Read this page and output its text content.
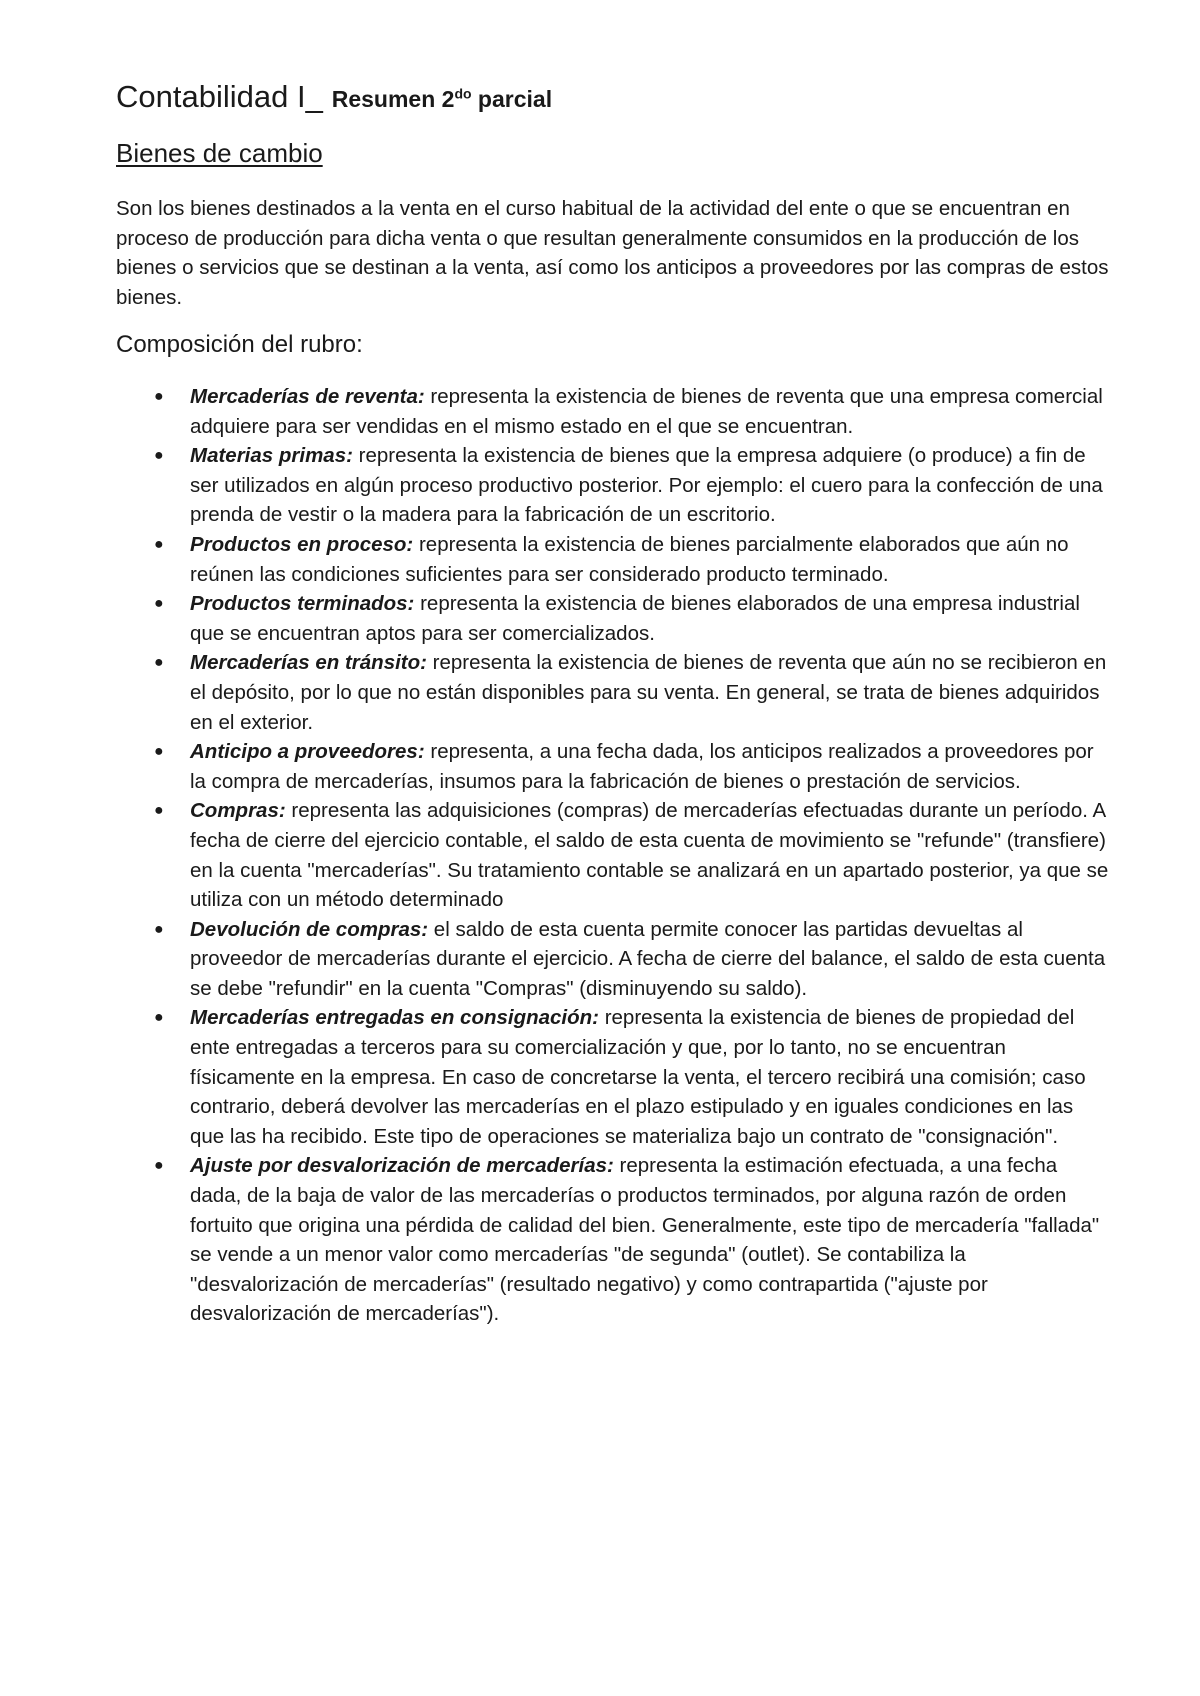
Contabilidad I_ Resumen $2^{do}$ parcial
Bienes de cambio

Son los bienes destinados a la venta en el curso habitual de la actividad del ente o que se encuentran en proceso de producción para dicha venta o que resultan generalmente consumidos en la producción de los bienes o servicios que se destinan a la venta, así como los anticipos a proveedores por las compras de estos bienes.

Composición del rubro:
● Mercaderías de reventa: representa la existencia de bienes de reventa que una empresa comercial adquiere para ser vendidas en el mismo estado en el que se encuentran.
● Materias primas: representa la existencia de bienes que la empresa adquiere (o produce) a fin de ser utilizados en algún proceso productivo posterior. Por ejemplo: el cuero para la confección de una prenda de vestir o la madera para la fabricación de un escritorio.
● Productos en proceso: representa la existencia de bienes parcialmente elaborados que aún no reúnen las condiciones suficientes para ser considerado producto terminado.
● Productos terminados: representa la existencia de bienes elaborados de una empresa industrial que se encuentran aptos para ser comercializados.
● Mercaderías en tránsito: representa la existencia de bienes de reventa que aún no se recibieron en el depósito, por lo que no están disponibles para su venta. En general, se trata de bienes adquiridos en el exterior.
● Anticipo a proveedores: representa, a una fecha dada, los anticipos realizados a proveedores por la compra de mercaderías, insumos para la fabricación de bienes o prestación de servicios.
● Compras: representa las adquisiciones (compras) de mercaderías efectuadas durante un período. A fecha de cierre del ejercicio contable, el saldo de esta cuenta de movimiento se "refunde" (transfiere) en la cuenta "mercaderías". Su tratamiento contable se analizará en un apartado posterior, ya que se utiliza con un método determinado
● Devolución de compras: el saldo de esta cuenta permite conocer las partidas devueltas al proveedor de mercaderías durante el ejercicio. A fecha de cierre del balance, el saldo de esta cuenta se debe "refundir" en la cuenta "Compras" (disminuyendo su saldo).
● Mercaderías entregadas en consignación: representa la existencia de bienes de propiedad del ente entregadas a terceros para su comercialización y que, por lo tanto, no se encuentran físicamente en la empresa. En caso de concretarse la venta, el tercero recibirá una comisión; caso contrario, deberá devolver las mercaderías en el plazo estipulado y en iguales condiciones en las que las ha recibido. Este tipo de operaciones se materializa bajo un contrato de "consignación".
● Ajuste por desvalorización de mercaderías: representa la estimación efectuada, a una fecha dada, de la baja de valor de las mercaderías o productos terminados, por alguna razón de orden fortuito que origina una pérdida de calidad del bien. Generalmente, este tipo de mercadería "fallada" se vende a un menor valor como mercaderías "de segunda" (outlet). Se contabiliza la "desvalorización de mercaderías" (resultado negativo) y como contrapartida ("ajuste por desvalorización de mercaderías").
